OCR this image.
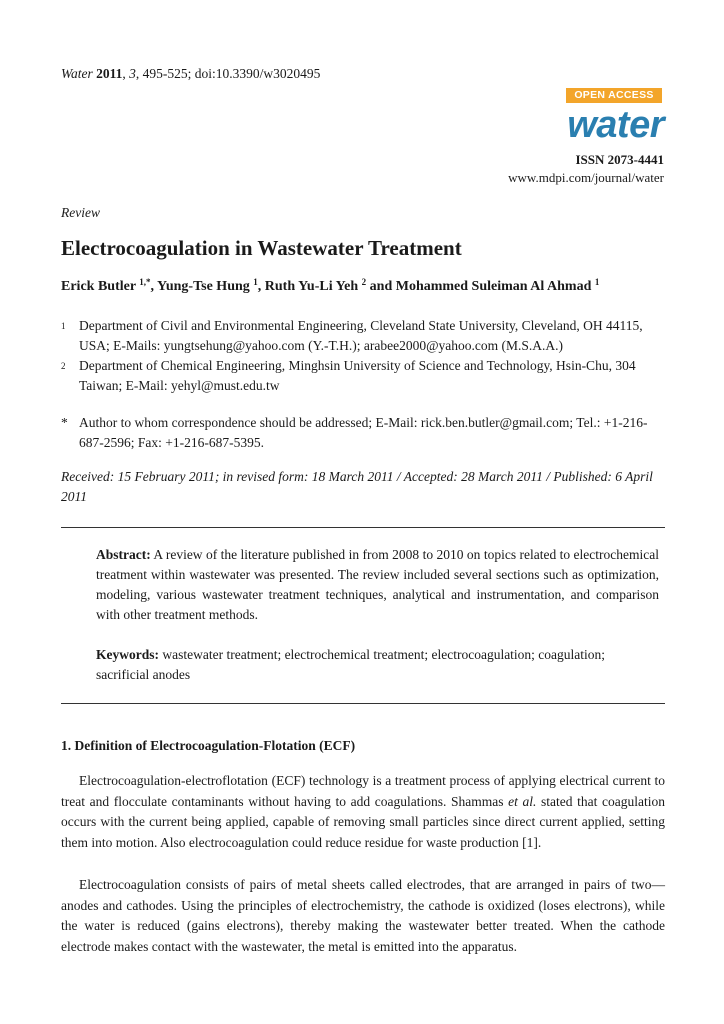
Water 2011, 3, 495-525; doi:10.3390/w3020495
OPEN ACCESS
water
ISSN 2073-4441
www.mdpi.com/journal/water
Review
Electrocoagulation in Wastewater Treatment
Erick Butler $^{1,*}$, Yung-Tse Hung $^1$, Ruth Yu-Li Yeh $^2$ and Mohammed Suleiman Al Ahmad $^1$
1 Department of Civil and Environmental Engineering, Cleveland State University, Cleveland, OH 44115, USA; E-Mails: yungtsehung@yahoo.com (Y.-T.H.); arabee2000@yahoo.com (M.S.A.A.)
2 Department of Chemical Engineering, Minghsin University of Science and Technology, Hsin-Chu, 304 Taiwan; E-Mail: yehyl@must.edu.tw
* Author to whom correspondence should be addressed; E-Mail: rick.ben.butler@gmail.com; Tel.: +1-216-687-2596; Fax: +1-216-687-5395.
Received: 15 February 2011; in revised form: 18 March 2011 / Accepted: 28 March 2011 / Published: 6 April 2011
Abstract: A review of the literature published in from 2008 to 2010 on topics related to electrochemical treatment within wastewater was presented. The review included several sections such as optimization, modeling, various wastewater treatment techniques, analytical and instrumentation, and comparison with other treatment methods.
Keywords: wastewater treatment; electrochemical treatment; electrocoagulation; coagulation; sacrificial anodes
1. Definition of Electrocoagulation-Flotation (ECF)
Electrocoagulation-electroflotation (ECF) technology is a treatment process of applying electrical current to treat and flocculate contaminants without having to add coagulations. Shammas et al. stated that coagulation occurs with the current being applied, capable of removing small particles since direct current applied, setting them into motion. Also electrocoagulation could reduce residue for waste production [1].
Electrocoagulation consists of pairs of metal sheets called electrodes, that are arranged in pairs of two—anodes and cathodes. Using the principles of electrochemistry, the cathode is oxidized (loses electrons), while the water is reduced (gains electrons), thereby making the wastewater better treated. When the cathode electrode makes contact with the wastewater, the metal is emitted into the apparatus.
